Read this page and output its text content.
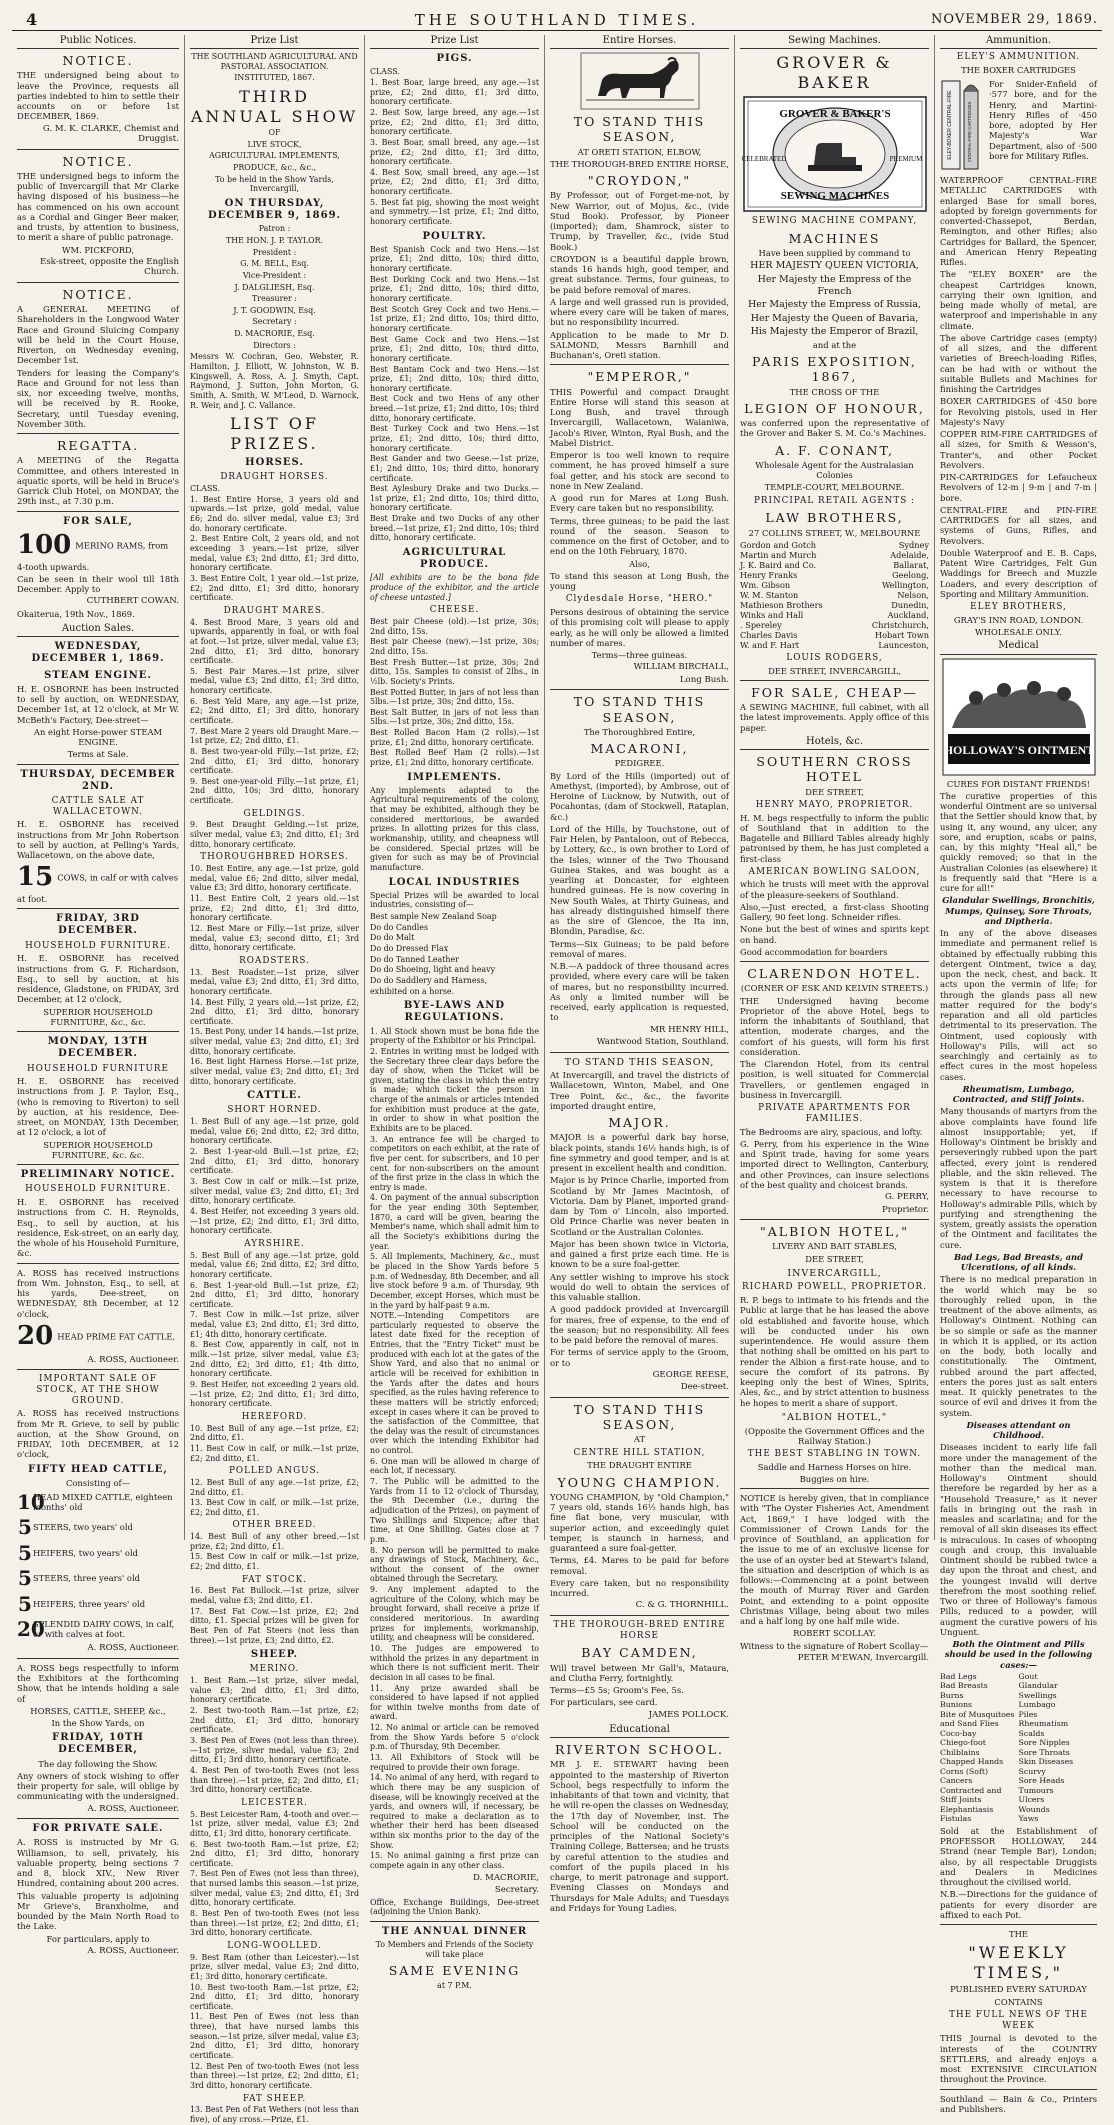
4	THE SOUTHLAND TIMES.	NOVEMBER 29, 1869.
Public Notices.
NOTICE.
THE undersigned being about to leave the Province, requests all parties indebted to him to settle their accounts on or before 1st DECEMBER, 1869.
G. M. K. CLARKE, Chemist and Druggist.
NOTICE.
THE undersigned begs to inform the public of Invercargill that Mr Clarke having disposed of his business—he has commenced on his own account as a Cordial and Ginger Beer maker, and trusts, by attention to business, to merit a share of public patronage.
WM. PICKFORD,
Esk-street, opposite the English Church.
NOTICE.
A GENERAL MEETING of Shareholders in the Longwood Water Race and Ground Sluicing Company will be held in the Court House, Riverton, on Wednesday evening, December 1st.
Tenders for leasing the Company's Race and Ground for not less than six, nor exceeding twelve, months, will be received by R. Rooke, Secretary, until Tuesday evening, November 30th.
REGATTA.
A MEETING of the Regatta Committee, and others interested in aquatic sports, will be held in Bruce's Garrick Club Hotel, on MONDAY, the 29th inst., at 7.30 p.m.
FOR SALE,
100 MERINO RAMS, from 4-tooth upwards.
Can be seen in their wool till 18th December. Apply to
CUTHBERT COWAN.
Okaiterua, 19th Nov., 1869.
Auction Sales.
WEDNESDAY, DECEMBER 1, 1869.
STEAM ENGINE.
H. E. OSBORNE has been instructed to sell by auction, on WEDNESDAY, December 1st, at 12 o'clock, at Mr W. McBeth's Factory, Dee-street—
An eight Horse-power STEAM ENGINE.
Terms at Sale.
THURSDAY, DECEMBER 2ND.
CATTLE SALE AT WALLACETOWN.
H. E. OSBORNE has received instructions from Mr John Robertson to sell by auction, at Pelling's Yards, Wallacetown, on the above date,
15 COWS, in calf or with calves at foot.
FRIDAY, 3RD DECEMBER.
HOUSEHOLD FURNITURE.
H. E. OSBORNE has received instructions from G. F. Richardson, Esq., to sell by auction, at his residence, Gladstone, on FRIDAY, 3rd December, at 12 o'clock,
SUPERIOR HOUSEHOLD FURNITURE, &c., &c.
MONDAY, 13TH DECEMBER.
HOUSEHOLD FURNITURE
H. E. OSBORNE has received instructions from J. P. Taylor, Esq., (who is removing to Riverton) to sell by auction, at his residence, Dee-street, on MONDAY, 13th December, at 12 o'clock, a lot of
SUPERIOR HOUSEHOLD FURNITURE, &c. &c.
PRELIMINARY NOTICE.
HOUSEHOLD FURNITURE.
H. E. OSBORNE has received instructions from C. H. Reynolds, Esq., to sell by auction, at his residence, Esk-street, on an early day, the whole of his Household Furniture, &c.
A. ROSS has received instructions from Wm. Johnston, Esq., to sell, at his yards, Dee-street, on WEDNESDAY, 8th December, at 12 o'clock,
20 HEAD PRIME FAT CATTLE,
A. ROSS, Auctioneer.
IMPORTANT SALE OF STOCK, AT THE SHOW GROUND.
A. ROSS has received instructions from Mr R. Grieve, to sell by public auction, at the Show Ground, on FRIDAY, 10th DECEMBER, at 12 o'clock,
FIFTY HEAD CATTLE,
Consisting of—
10
HEAD MIXED CATTLE, eighteen months' old
5 STEERS, two years' old
5 HEIFERS, two years' old
5 STEERS, three years' old
5 HEIFERS, three years' old
20
SPLENDID DAIRY COWS, in calf, or with calves at foot.
A. ROSS, Auctioneer.
A. ROSS begs respectfully to inform the Exhibitors at the forthcoming Show, that he intends holding a sale of
HORSES, CATTLE, SHEEP, &c.,
In the Show Yards, on
FRIDAY, 10TH DECEMBER,
The day following the Show.
Any owners of stock wishing to offer their property for sale, will oblige by communicating with the undersigned.
A. ROSS, Auctioneer.
FOR PRIVATE SALE.
A. ROSS is instructed by Mr G. Williamson, to sell, privately, his valuable property, being sections 7 and 8, block XIV., New River Hundred, containing about 200 acres.
This valuable property is adjoining Mr Grieve's, Branxholme, and bounded by the Main North Road to the Lake.
For particulars, apply to
A. ROSS, Auctioneer.
Prize List
THE SOUTHLAND AGRICULTURAL AND PASTORAL ASSOCIATION.
INSTITUTED, 1867.
THIRD ANNUAL SHOW
OF
LIVE STOCK,
AGRICULTURAL IMPLEMENTS,
PRODUCE, &c., &c.,
To be held in the Show Yards, Invercargill,
ON THURSDAY, DECEMBER 9, 1869.
Patron :
THE HON. J. P. TAYLOR.
President :
G. M. BELL, Esq.
Vice-President :
J. DALGLIESH, Esq.
Treasurer :
J. T. GOODWIN, Esq.
Secretary :
D. MACRORIE, Esq.
Directors :
Messrs W. Cochran, Geo. Webster, R. Hamilton, J. Elliott, W. Johnston, W. B. Kingswell, A. Ross, A. J. Smyth, Capt. Raymond, J. Sutton, John Morton, G. Smith, A. Smith, W. M'Leod, D. Warnock, R. Weir, and J. C. Vallance.
LIST OF PRIZES.
HORSES.
DRAUGHT HORSES.
CLASS.
1. Best Entire Horse, 3 years old and upwards.—1st prize, gold medal, value £6; 2nd do. silver medal, value £3; 3rd do. honorary certificate.
2. Best Entire Colt, 2 years old, and not exceeding 3 years.—1st prize, silver medal, value £3; 2nd ditto, £1; 3rd ditto, honorary certificate.
3. Best Entire Colt, 1 year old.—1st prize, £2; 2nd ditto, £1; 3rd ditto, honorary certificate.
DRAUGHT MARES.
4. Best Brood Mare, 3 years old and upwards, apparently in foal, or with foal at foot.—1st prize, silver medal, value £3; 2nd ditto, £1; 3rd ditto, honorary certificate.
5. Best Pair Mares.—1st prize, silver medal, value £3; 2nd ditto, £1; 3rd ditto, honorary certificate.
6. Best Yeld Mare, any age.—1st prize, £2; 2nd ditto, £1; 3rd ditto, honorary certificate.
7. Best Mare 2 years old Draught Mare.—1st prize, £2; 2nd ditto, £1.
8. Best two-year-old Filly.—1st prize, £2; 2nd ditto, £1; 3rd ditto, honorary certificate.
9. Best one-year-old Filly.—1st prize, £1; 2nd ditto, 10s; 3rd ditto, honorary certificate.
GELDINGS.
9. Best Draught Gelding.—1st prize, silver medal, value £3; 2nd ditto, £1; 3rd ditto, honorary certificate.
THOROUGHBRED HORSES.
10. Best Entire, any age.—1st prize, gold medal, value £6; 2nd ditto, silver medal, value £3; 3rd ditto, honorary certificate.
11. Best Entire Colt, 2 years old.—1st prize, £2; 2nd ditto, £1; 3rd ditto, honorary certificate.
12. Best Mare or Filly.—1st prize, silver medal, value £3; second ditto, £1; 3rd ditto, honorary certificate.
ROADSTERS.
13. Best Roadster.—1st prize, silver medal, value £3; 2nd ditto, £1; 3rd ditto, honorary certificate.
14. Best Filly, 2 years old.—1st prize, £2; 2nd ditto, £1; 3rd ditto, honorary certificate.
15. Best Pony, under 14 hands.—1st prize, silver medal, value £3; 2nd ditto, £1; 3rd ditto, honorary certificate.
16. Best light Harness Horse.—1st prize, silver medal, value £3; 2nd ditto, £1; 3rd ditto, honorary certificate.
CATTLE.
SHORT HORNED.
1. Best Bull of any age.—1st prize, gold medal, value £6; 2nd ditto, £2; 3rd ditto, honorary certificate.
2. Best 1-year-old Bull.—1st prize, £2; 2nd ditto, £1; 3rd ditto, honorary certificate.
3. Best Cow in calf or milk.—1st prize, silver medal, value £3; 2nd ditto, £1; 3rd ditto, honorary certificate.
4. Best Heifer, not exceeding 3 years old.—1st prize, £2; 2nd ditto, £1; 3rd ditto, honorary certificate.
AYRSHIRE.
5. Best Bull of any age.—1st prize, gold medal, value £6; 2nd ditto, £2; 3rd ditto, honorary certificate.
6. Best 1-year-old Bull.—1st prize, £2; 2nd ditto, £1; 3rd ditto, honorary certificate.
7. Best Cow in milk.—1st prize, silver medal, value £3; 2nd ditto, £1; 3rd ditto, £1; 4th ditto, honorary certificate.
8. Best Cow, apparently in calf, not in milk.—1st prize, silver medal, value £3; 2nd ditto, £2; 3rd ditto, £1; 4th ditto, honorary certificate.
9. Best Heifer, not exceeding 2 years old.—1st prize, £2; 2nd ditto, £1; 3rd ditto, honorary certificate.
HEREFORD.
10. Best Bull of any age.—1st prize, £2; 2nd ditto, £1.
11. Best Cow in calf, or milk.—1st prize, £2; 2nd ditto, £1.
POLLED ANGUS.
12. Best Bull of any age.—1st prize, £2; 2nd ditto, £1.
13. Best Cow in calf, or milk.—1st prize, £2; 2nd ditto, £1.
OTHER BREED.
14. Best Bull of any other breed.—1st prize, £2; 2nd ditto, £1.
15. Best Cow in calf or milk.—1st prize, £2; 2nd ditto, £1.
FAT STOCK.
16. Best Fat Bullock.—1st prize, silver medal, value £3; 2nd ditto, £1.
17. Best Fat Cow.—1st prize, £2; 2nd ditto, £1. Special prizes will be given for Best Pen of Fat Steers (not less than three).—1st prize, £3; 2nd ditto, £2.
SHEEP.
MERINO.
1. Best Ram.—1st prize, silver medal, value £3; 2nd ditto, £1; 3rd ditto, honorary certificate.
2. Best two-tooth Ram.—1st prize, £2; 2nd ditto, £1; 3rd ditto, honorary certificate.
3. Best Pen of Ewes (not less than three).—1st prize, silver medal, value £3; 2nd ditto, £1; 3rd ditto, honorary certificate.
4. Best Pen of two-tooth Ewes (not less than three).—1st prize, £2; 2nd ditto, £1; 3rd ditto, honorary certificate.
LEICESTER.
5. Best Leicester Ram, 4-tooth and over.—1st prize, silver medal, value £3; 2nd ditto, £1; 3rd ditto, honorary certificate.
6. Best two-tooth Ram.—1st prize, £2; 2nd ditto, £1; 3rd ditto, honorary certificate.
7. Best Pen of Ewes (not less than three), that nursed lambs this season.—1st prize, silver medal, value £3; 2nd ditto, £1; 3rd ditto, honorary certificate.
8. Best Pen of two-tooth Ewes (not less than three).—1st prize, £2; 2nd ditto, £1; 3rd ditto, honorary certificate.
LONG-WOOLLED.
9. Best Ram (other than Leicester).—1st prize, silver medal, value £3; 2nd ditto, £1; 3rd ditto, honorary certificate.
10. Best two-tooth Ram.—1st prize, £2; 2nd ditto, £1; 3rd ditto, honorary certificate.
11. Best Pen of Ewes (not less than three), that have nursed lambs this season.—1st prize, silver medal, value £3; 2nd ditto, £1; 3rd ditto, honorary certificate.
12. Best Pen of two-tooth Ewes (not less than three).—1st prize, £2; 2nd ditto, £1; 3rd ditto, honorary certificate.
FAT SHEEP.
13. Best Pen of Fat Wethers (not less than five), of any cross.—Prize, £1.
Prize List
PIGS.
CLASS.
1. Best Boar, large breed, any age.—1st prize, £2; 2nd ditto, £1; 3rd ditto, honorary certificate.
2. Best Sow, large breed, any age.—1st prize, £2; 2nd ditto, £1; 3rd ditto, honorary certificate.
3. Best Boar, small breed, any age.—1st prize, £2; 2nd ditto, £1; 3rd ditto, honorary certificate.
4. Best Sow, small breed, any age.—1st prize, £2; 2nd ditto, £1; 3rd ditto, honorary certificate.
5. Best fat pig, showing the most weight and symmetry.—1st prize, £1; 2nd ditto, honorary certificate.
POULTRY.
Best Spanish Cock and two Hens.—1st prize, £1; 2nd ditto, 10s; third ditto, honorary certificate.
Best Dorking Cock and two Hens.—1st prize, £1; 2nd ditto, 10s; third ditto, honorary certificate.
Best Scotch Grey Cock and two Hens.—1st prize, £1; 2nd ditto, 10s; third ditto, honorary certificate.
Best Game Cock and two Hens.—1st prize, £1; 2nd ditto, 10s; third ditto, honorary certificate.
Best Bantam Cock and two Hens.—1st prize, £1; 2nd ditto, 10s; third ditto, honorary certificate.
Best Cock and two Hens of any other breed.—1st prize, £1; 2nd ditto, 10s; third ditto, honorary certificate.
Best Turkey Cock and two Hens.—1st prize, £1; 2nd ditto, 10s; third ditto, honorary certificate.
Best Gander and two Geese.—1st prize, £1; 2nd ditto, 10s; third ditto, honorary certificate.
Best Aylesbury Drake and two Ducks.—1st prize, £1; 2nd ditto, 10s; third ditto, honorary certificate.
Best Drake and two Ducks of any other breed.—1st prize, £1; 2nd ditto, 10s; third ditto, honorary certificate.
AGRICULTURAL PRODUCE.
[All exhibits are to be the bona fide produce of the exhibitor, and the article of cheese untasted.]
CHEESE.
Best pair Cheese (old).—1st prize, 30s; 2nd ditto, 15s.
Best pair Cheese (new).—1st prize, 30s; 2nd ditto, 15s.
Best Fresh Butter.—1st prize, 30s; 2nd ditto, 15s. Samples to consist of 2lbs., in ½lb. Society's Prints.
Best Potted Butter, in jars of not less than 5lbs.—1st prize, 30s; 2nd ditto, 15s.
Best Salt Butter, in jars of not less than 5lbs.—1st prize, 30s; 2nd ditto, 15s.
Best Rolled Bacon Ham (2 rolls).—1st prize, £1; 2nd ditto, honorary certificate.
Best Rolled Beef Ham (2 rolls).—1st prize, £1; 2nd ditto, honorary certificate.
IMPLEMENTS.
Any implements adapted to the Agricultural requirements of the colony, that may be exhibited, although they be considered meritorious, be awarded prizes. In allotting prizes for this class, workmanship, utility, and cheapness will be considered. Special prizes will be given for such as may be of Provincial manufacture.
LOCAL INDUSTRIES
Special Prizes will be awarded to local industries, consisting of—
Best sample New Zealand Soap
Do do Candles
Do do Malt
Do do Dressed Flax
Do do Tanned Leather
Do do Shoeing, light and heavy
Do do Saddlery and Harness,
exhibited on a horse.
BYE-LAWS AND REGULATIONS.
1. All Stock shown must be bona fide the property of the Exhibitor or his Principal.
2. Entries in writing must be lodged with the Secretary three clear days before the day of show, when the Ticket will be given, stating the class in which the entry is made; which ticket the person in charge of the animals or articles intended for exhibition must produce at the gate, in order to show in what position the Exhibits are to be placed.
3. An entrance fee will be charged to competitors on each exhibit, at the rate of five per cent. for subscribers, and 10 per cent. for non-subscribers on the amount of the first prize in the class in which the entry is made.
4. On payment of the annual subscription for the year ending 30th September, 1870, a card will be given, bearing the Member's name, which shall admit him to all the Society's exhibitions during the year.
5. All Implements, Machinery, &c., must be placed in the Show Yards before 5 p.m. of Wednesday, 8th December, and all live stock before 9 a.m. of Thursday, 9th December, except Horses, which must be in the yard by half-past 9 a.m.
NOTE.—Intending Competitors are particularly requested to observe the latest date fixed for the reception of Entries, that the "Entry Ticket" must be produced with each lot at the gates of the Show Yard, and also that no animal or article will be received for exhibition in the Yards after the dates and hours specified, as the rules having reference to these matters will be strictly enforced; except in cases where it can be proved to the satisfaction of the Committee, that the delay was the result of circumstances over which the intending Exhibitor had no control.
6. One man will be allowed in charge of each lot, if necessary.
7. The Public will be admitted to the Yards from 11 to 12 o'clock of Thursday, the 9th December (i.e., during the adjudication of the Prizes), on payment of Two Shillings and Sixpence; after that time, at One Shilling. Gates close at 7 p.m.
8. No person will be permitted to make any drawings of Stock, Machinery, &c., without the consent of the owner obtained through the Secretary.
9. Any implement adapted to the agriculture of the Colony, which may be brought forward, shall receive a prize if considered meritorious. In awarding prizes for implements, workmanship, utility, and cheapness will be considered.
10. The Judges are empowered to withhold the prizes in any department in which there is not sufficient merit. Their decision in all cases to be final.
11. Any prize awarded shall be considered to have lapsed if not applied for within twelve months from date of award.
12. No animal or article can be removed from the Show Yards before 5 o'clock p.m. of Thursday, 9th December.
13. All Exhibitors of Stock will be required to provide their own forage.
14. No animal of any herd, with regard to which there may be any suspicion of disease, will be knowingly received at the yards, and owners will, if necessary, be required to make a declaration as to whether their herd has been diseased within six months prior to the day of the Show.
15. No animal gaining a first prize can compete again in any other class.
D. MACRORIE,
Secretary.
Office, Exchange Buildings, Dee-street (adjoining the Union Bank).
THE ANNUAL DINNER
To Members and Friends of the Society will take place
SAME EVENING
at 7 P.M.
Entire Horses.
TO STAND THIS SEASON,
AT ORETI STATION, ELBOW,
THE THOROUGH-BRED ENTIRE HORSE,
"CROYDON,"
By Professor, out of Forget-me-not, by New Warrior, out of Mojus, &c., (vide Stud Book). Professor, by Pioneer (imported); dam, Shamrock, sister to Trump, by Traveller, &c., (vide Stud Book.)
CROYDON is a beautiful dapple brown, stands 16 hands high, good temper, and great substance. Terms, four guineas, to be paid before removal of mares.
A large and well grassed run is provided, where every care will be taken of mares, but no responsibility incurred.
Application to be made to Mr D. SALMOND, Messrs Barnhill and Buchanan's, Oreti station.
"EMPEROR,"
THIS Powerful and compact Draught Entire Horse will stand this season at Long Bush, and travel through Invercargill, Wallacetown, Waianiwa, Jacob's River, Winton, Ryal Bush, and the Mabel District.
Emperor is too well known to require comment, he has proved himself a sure foal getter, and his stock are second to none in New Zealand.
A good run for Mares at Long Bush. Every care taken but no responsibility.
Terms, three guineas; to be paid the last round of the season. Season to commence on the first of October, and to end on the 10th February, 1870.
Also,
To stand this season at Long Bush, the young
Clydesdale Horse, "HERO."
Persons desirous of obtaining the service of this promising colt will please to apply early, as he will only be allowed a limited number of mares.
Terms—three guineas.
WILLIAM BIRCHALL,
Long Bush.
TO STAND THIS SEASON,
The Thoroughbred Entire,
MACARONI,
PEDIGREE.
By Lord of the Hills (imported) out of Amethyst, (imported), by Ambrose, out of Heroine of Lucknow, by Nutwith, out of Pocahontas, (dam of Stockwell, Rataplan, &c.)
Lord of the Hills, by Touchstone, out of Fair Helen, by Pantaloon, out of Rebecca, by Lottery, &c., is own brother to Lord of the Isles, winner of the Two Thousand Guinea Stakes, and was bought as a yearling at Doncaster, for eighteen hundred guineas. He is now covering in New South Wales, at Thirty Guineas, and has already distinguished himself there as the sire of Glencoe, the Ita inn, Blondin, Paradise, &c.
Terms—Six Guineas; to be paid before removal of mares.
N.B.—A paddock of three thousand acres provided, where every care will be taken of mares, but no responsibility incurred. As only a limited number will be received, early application is requested, to
MR HENRY HILL,
Wantwood Station, Southland.
TO STAND THIS SEASON,
At Invercargill, and travel the districts of Wallacetown, Winton, Mabel, and One Tree Point, &c., &c., the favorite imported draught entire,
MAJOR.
MAJOR is a powerful dark bay horse, black points, stands 16½ hands high, is of fine symmetry and good temper, and is at present in excellent health and condition.
Major is by Prince Charlie, imported from Scotland by Mr James Macintosh, of Victoria. Dam by Planet, imported grand-dam by Tom o' Lincoln, also imported. Old Prince Charlie was never beaten in Scotland or the Australian Colonies.
Major has been shown twice in Victoria, and gained a first prize each time. He is known to be a sure foal-getter.
Any settler wishing to improve his stock would do well to obtain the services of this valuable stallion.
A good paddock provided at Invercargill for mares, free of expense, to the end of the season; but no responsibility. All fees to be paid before the removal of mares.
For terms of service apply to the Groom, or to
GEORGE REESE,
Dee-street.
TO STAND THIS SEASON,
AT
CENTRE HILL STATION,
THE DRAUGHT ENTIRE
YOUNG CHAMPION.
YOUNG CHAMPION, by "Old Champion," 7 years old, stands 16½ hands high, has fine flat bone, very muscular, with superior action, and exceedingly quiet temper, is staunch in harness, and guaranteed a sure foal-getter.
Terms, £4. Mares to be paid for before removal.
Every care taken, but no responsibility incurred.
C. & G. THORNHILL.
THE THOROUGH-BRED ENTIRE HORSE
BAY CAMDEN,
Will travel between Mr Gall's, Mataura, and Clutha Ferry, fortnightly.
Terms—£5 5s; Groom's Fee, 5s.
For particulars, see card.
JAMES POLLOCK.
Educational
RIVERTON SCHOOL.
MR J. E. STEWART having been appointed to the mastership of Riverton School, begs respectfully to inform the inhabitants of that town and vicinity, that he will re-open the classes on Wednesday, the 17th day of November, inst. The School will be conducted on the principles of the National Society's Training College, Battersea; and he trusts by careful attention to the studies and comfort of the pupils placed in his charge, to merit patronage and support. Evening Classes on Mondays and Thursdays for Male Adults; and Tuesdays and Fridays for Young Ladies.
Sewing Machines.
GROVER & BAKER
GROVER & BAKER'S
CELEBRATED	PREMIUM
SEWING MACHINES
SEWING MACHINE COMPANY,
MACHINES
Have been supplied by command to
HER MAJESTY QUEEN VICTORIA,
Her Majesty the Empress of the French
Her Majesty the Empress of Russia,
Her Majesty the Queen of Bavaria,
His Majesty the Emperor of Brazil,
and at the
PARIS EXPOSITION, 1867,
THE CROSS OF THE
LEGION OF HONOUR,
was conferred upon the representative of the Grover and Baker S. M. Co.'s Machines.
A. F. CONANT,
Wholesale Agent for the Australasian Colonies
TEMPLE-COURT, MELBOURNE.
PRINCIPAL RETAIL AGENTS :
LAW BROTHERS,
27 COLLINS STREET, W., MELBOURNE
Gordon and Gotch	Sydney
Martin and Murch	Adelaide,
J. K. Baird and Co.	Ballarat,
Henry Franks	Geelong,
Wm. Gibson	Wellington,
W. M. Stanton	Nelson,
Mathieson Brothers	Dunedin,
Winks and Hall	Auckland,
. Spereley	Christchurch,
Charles Davis	Hobart Town
W. and F. Hart	Launceston,
LOUIS RODGERS,
DEE STREET, INVERCARGILL,
FOR SALE, CHEAP—
A SEWING MACHINE, full cabinet, with all the latest improvements. Apply office of this paper.
Hotels, &c.
SOUTHERN CROSS HOTEL
DEE STREET,
HENRY MAYO, PROPRIETOR.
H. M. begs respectfully to inform the public of Southland that in addition to the Bagatelle and Billiard Tables already highly patronised by them, he has just completed a first-class
AMERICAN BOWLING SALOON,
which he trusts will meet with the approval of the pleasure-seekers of Southland.
Also,—Just erected, a first-class Shooting Gallery, 90 feet long. Schneider rifles.
None but the best of wines and spirits kept on hand.
Good accommodation for boarders
CLARENDON HOTEL.
(CORNER OF ESK AND KELVIN STREETS.)
THE Undersigned having become Proprietor of the above Hotel, begs to inform the inhabitants of Southland, that attention, moderate charges, and the comfort of his guests, will form his first consideration.
The Clarendon Hotel, from its central position, is well situated for Commercial Travellers, or gentlemen engaged in business in Invercargill.
PRIVATE APARTMENTS FOR FAMILIES.
The Bedrooms are airy, spacious, and lofty.
G. Perry, from his experience in the Wine and Spirit trade, having for some years imported direct to Wellington, Canterbury, and other Provinces, can insure selections of the best quality and choicest brands.
G. PERRY,
Proprietor.
"ALBION HOTEL,"
LIVERY AND BAIT STABLES,
DEE STREET,
INVERCARGILL,
RICHARD POWELL, PROPRIETOR.
R. P. begs to intimate to his friends and the Public at large that he has leased the above old established and favorite house, which will be conducted under his own superintendence. He would assure them that nothing shall be omitted on his part to render the Albion a first-rate house, and to secure the comfort of its patrons. By keeping only the best of Wines, Spirits, Ales, &c., and by strict attention to business he hopes to merit a share of support.
"ALBION HOTEL,"
(Opposite the Government Offices and the Railway Station.)
THE BEST STABLING IN TOWN.
Saddle and Harness Horses on hire.
Buggies on hire.
NOTICE is hereby given, that in compliance with "The Oyster Fisheries Act, Amendment Act, 1869," I have lodged with the Commissioner of Crown Lands for the province of Southland, an application for the issue to me of an exclusive license for the use of an oyster bed at Stewart's Island, the situation and description of which is as follows:—Commencing at a point between the mouth of Murray River and Garden Point, and extending to a point opposite Christmas Village, being about two miles and a half long by one half mile wide.
ROBERT SCOLLAY.
Witness to the signature of Robert Scollay—
PETER M'EWAN, Invercargill.
Ammunition.
ELEY'S AMMUNITION.
THE BOXER CARTRIDGES
ELEY-BOXER CENTRAL-FIRE	CENTRAL-FIRE CARTRIDGES
For Snider-Enfield of ·577 bore, and for the Henry, and Martini-Henry Rifles of ·450 bore, adopted by Her Majesty's War Department, also of ·500 bore for Military Rifles.
WATERPROOF CENTRAL-FIRE METALLIC CARTRIDGES with enlarged Base for small bores, adopted by foreign governments for converted-Chassepot, Berdan, Remington, and other Rifles; also Cartridges for Ballard, the Spencer, and American Henry Repeating Rifles.
The "ELEY BOXER" are the cheapest Cartridges known, carrying their own ignition, and being made wholly of metal, are waterproof and imperishable in any climate.
The above Cartridge cases (empty) of all sizes, and the different varieties of Breech-loading Rifles, can be had with or without the suitable Bullets and Machines for finishing the Cartridges
BOXER CARTRIDGES of ·450 bore for Revolving pistols, used in Her Majesty's Navy
COPPER RIM-FIRE CARTRIDGES of all sizes, for Smith & Wesson's, Tranter's, and other Pocket Revolvers.
PIN-CARTRIDGES for Lefaucheux Revolvers of 12-m | 9-m | and 7-m | bore.
CENTRAL-FIRE and PIN-FIRE CARTRIDGES for all sizes, and systems of Guns, Rifles, and Revolvers.
Double Waterproof and E. B. Caps, Patent Wire Cartridges, Felt Gun Waddings for Breech and Muzzle Loaders, and every description of Sporting and Military Ammunition.
ELEY BROTHERS,
GRAY'S INN ROAD, LONDON.
WHOLESALE ONLY.
Medical
HOLLOWAY'S OINTMENT
CURES FOR DISTANT FRIENDS!
The curative properties of this wonderful Ointment are so universal that the Settler should know that, by using it, any wound, any ulcer, any sore, and eruption, scabs or pains, can, by this mighty "Heal all," be quickly removed; so that in the Australian Colonies (as elsewhere) it is frequently said that "Here is a cure for all!"
Glandular Swellings, Bronchitis, Mumps, Quinsey, Sore Throats, and Diptheria.
In any of the above diseases immediate and permanent relief is obtained by effectually rubbing this detergent Ointment, twice a day, upon the neck, chest, and back. It acts upon the vermin of life; for through the glands pass all new matter required for the body's reparation and all old particles detrimental to its preservation. The Ointment, used copiously with Holloway's Pills, will act so searchingly and certainly as to effect cures in the most hopeless cases.
Rheumatism, Lumbago, Contracted, and Stiff Joints.
Many thousands of martyrs from the above complaints have found life almost insupportable; yet, if Holloway's Ointment be briskly and perseveringly rubbed upon the part affected, every joint is rendered pliable, and the skin relieved. The system is that it is therefore necessary to have recourse to Holloway's admirable Pills, which by purifying and strengthening the system, greatly assists the operation of the Ointment and facilitates the cure.
Bad Legs, Bad Breasts, and Ulcerations, of all kinds.
There is no medical preparation in the world which may be so thoroughly relied upon, in the treatment of the above ailments, as Holloway's Ointment. Nothing can be so simple or safe as the manner in which it is applied, or its action on the body, both locally and constitutionally. The Ointment, rubbed around the part affected, enters the pores just as salt enters meat. It quickly penetrates to the source of evil and drives it from the system.
Diseases attendant on Childhood.
Diseases incident to early life fall more under the management of the mother than the medical man. Holloway's Ointment should therefore be regarded by her as a "Household Treasure," as it never fails in bringing out the rash in measles and scarlatina; and for the removal of all skin diseases its effect is miraculous. In cases of whooping cough and croup, this invaluable Ointment should be rubbed twice a day upon the throat and chest, and the youngest invalid will derive therefrom the most soothing relief. Two or three of Holloway's famous Pills, reduced to a powder, will augment the curative powers of his Unguent.
Both the Ointment and Pills should be used in the following cases:—
Bad Legs
Bad Breasts
Burns
Bunions
Bite of Musquitoes and Sand Flies
Coco-bay
Chiego-foot
Chilblains
Chapped Hands
Corns (Soft)
Cancers
Contracted and Stiff Joints
Elephantiasis
Fistulas
Gout
Glandular Swellings
Lumbago
Piles
Rheumatism
Scalds
Sore Nipples
Sore Throats
Skin Diseases
Scurvy
Sore Heads
Tumours
Ulcers
Wounds
Yaws
Sold at the Establishment of PROFESSOR HOLLOWAY, 244 Strand (near Temple Bar), London; also, by all respectable Druggists and Dealers in Medicines throughout the civilised world.
N.B.—Directions for the guidance of patients for every disorder are affixed to each Pot.
THE
"WEEKLY TIMES,"
PUBLISHED EVERY SATURDAY
CONTAINS
THE FULL NEWS OF THE WEEK
THIS Journal is devoted to the interests of the COUNTRY SETTLERS, and already enjoys a most EXTENSIVE CIRCULATION throughout the Province.
Southland — Bain & Co., Printers and Publishers.
